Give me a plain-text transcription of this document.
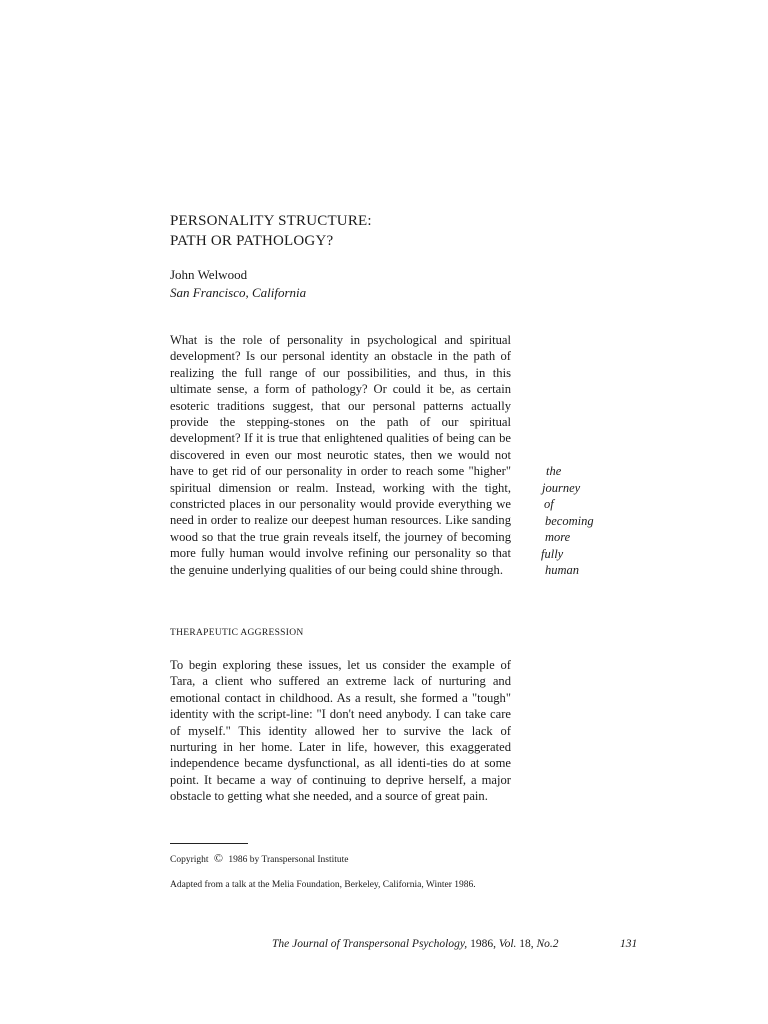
PERSONALITY STRUCTURE:
PATH OR PATHOLOGY?
John Welwood
San Francisco, California

What is the role of personality in psychological and spiritual development? Is our personal identity an obstacle in the path of realizing the full range of our possibilities, and thus, in this ultimate sense, a form of pathology? Or could it be, as certain esoteric traditions suggest, that our personal patterns actually provide the stepping-stones on the path of our spiritual development? If it is true that enlightened qualities of being can be discovered in even our most neurotic states, then we would not have to get rid of our personality in order to reach some "higher" spiritual dimension or realm. Instead, working with the tight, constricted places in our personality would provide everything we need in order to realize our deepest human resources. Like sanding wood so that the true grain reveals itself, the journey of becoming more fully human would involve refining our personality so that the genuine underlying qualities of our being could shine through.

the
journey
of
becoming
more
fully
human
THERAPEUTIC AGGRESSION

To begin exploring these issues, let us consider the example of Tara, a client who suffered an extreme lack of nurturing and emotional contact in childhood. As a result, she formed a "tough" identity with the script-line: "I don't need anybody. I can take care of myself." This identity allowed her to survive the lack of nurturing in her home. Later in life, however, this exaggerated independence became dysfunctional, as all identi-ties do at some point. It became a way of continuing to deprive herself, a major obstacle to getting what she needed, and a source of great pain.

Copyright © 1986 by Transpersonal Institute

Adapted from a talk at the Melia Foundation, Berkeley, California, Winter 1986.

The Journal of Transpersonal Psychology, 1986, Vol. 18, No.2	131
